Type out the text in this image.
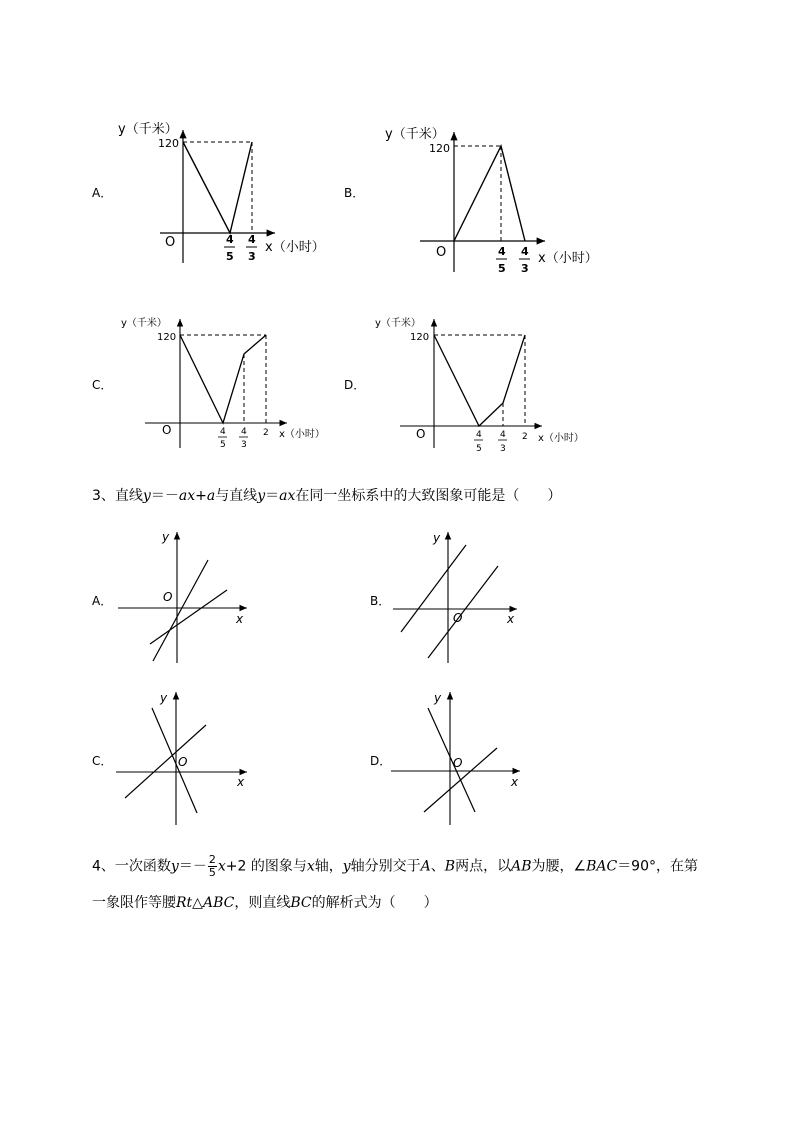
A．
y（千米）
120
O	4
5
4
3
x（小时）
B．
y（千米）
120
O	4
5
4
3
x（小时）
C．
y（千米）
120
O	4
5
4
3
2 x（小时）
D．
y（千米）
120
O	4
5
4
3
2 x（小时）
3、直线y＝－ax+a与直线y＝ax在同一坐标系中的大致图象可能是（　　）
A．
y
x
O	B．
y
x
O
C．
y
x
O	D．
y
x
O
4、一次函数$y=- \frac{2}{5} x+2$ 的图象与x轴，y轴分别交于A、B两点，以AB为腰，∠BAC＝90°，在第
一象限作等腰Rt△ABC，则直线BC的解析式为（　　）
